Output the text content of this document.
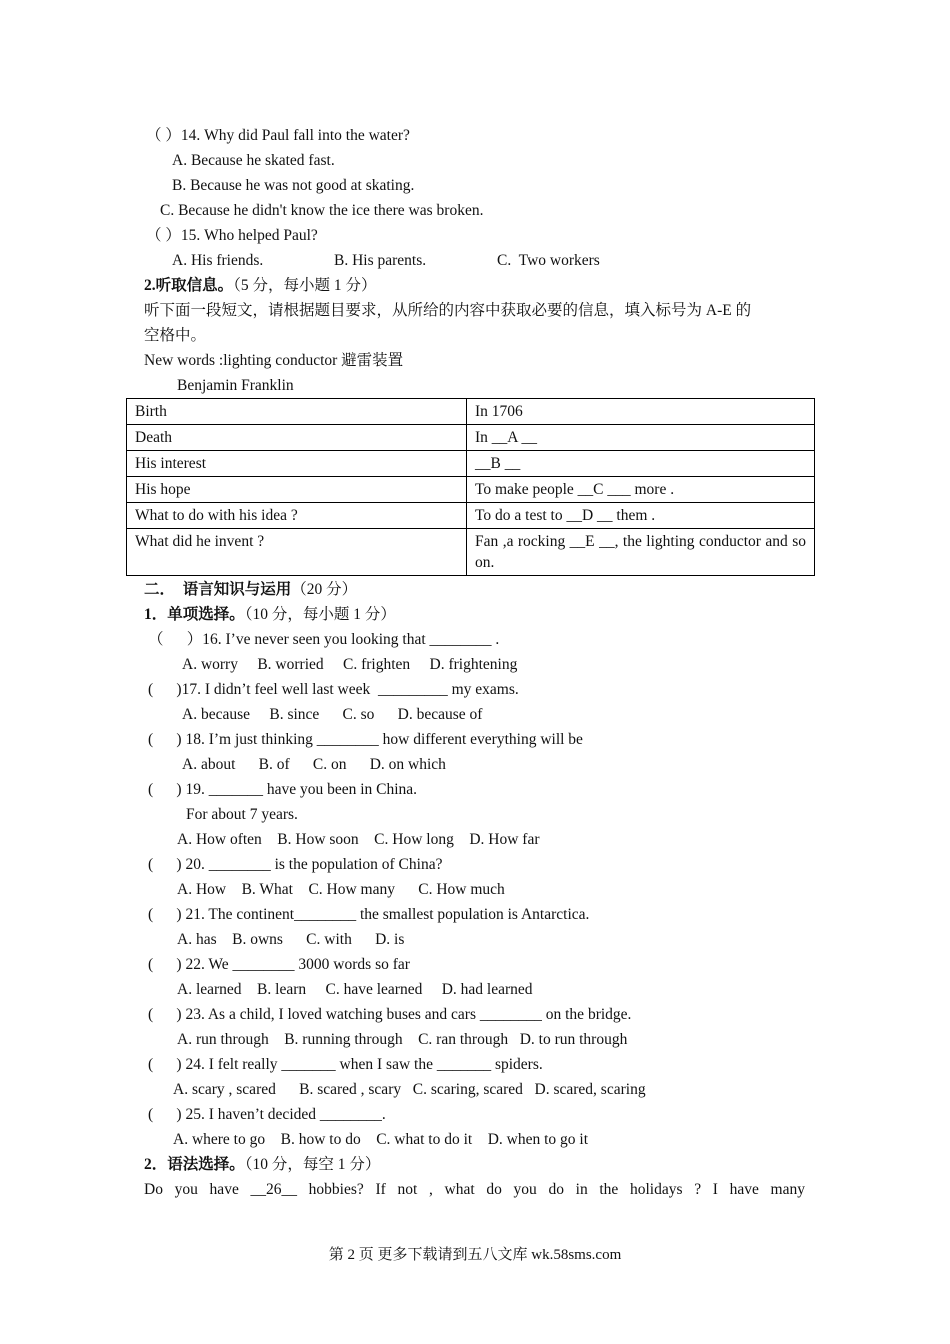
（ ）14. Why did Paul fall into the water?
A. Because he skated fast.
B. Because he was not good at skating.
C. Because he didn't know the ice there was broken.
（ ）15. Who helped Paul?
A. His friends.	B. His parents.	C.  Two workers
2.听取信息。（5 分，每小题 1 分）
听下面一段短文，请根据题目要求，从所给的内容中获取必要的信息，填入标号为 A-E 的
空格中。
New words :lighting conductor 避雷装置
Benjamin Franklin
Birth	In 1706
Death	In __A __
His interest	__B __
His hope	To make people __C ___ more .
What to do with his idea ?	To do a test to __D __ them .
What did he invent ?	Fan ,a rocking __E __, the lighting conductor and so on.
二．  语言知识与运用（20 分）
1．单项选择。（10 分，每小题 1 分）
（      ）16. I’ve never seen you looking that ________ .
A. worry     B. worried     C. frighten     D. frightening
(      )17. I didn’t feel well last week  _________ my exams.
A. because     B. since      C. so      D. because of
(      ) 18. I’m just thinking ________ how different everything will be
A. about      B. of      C. on      D. on which
(      ) 19. _______ have you been in China.
For about 7 years.
A. How often    B. How soon    C. How long    D. How far
(      ) 20. ________ is the population of China?
A. How    B. What    C. How many      C. How much
(      ) 21. The continent________ the smallest population is Antarctica.
A. has    B. owns      C. with      D. is
(      ) 22. We ________ 3000 words so far
A. learned    B. learn     C. have learned     D. had learned
(      ) 23. As a child, I loved watching buses and cars ________ on the bridge.
A. run through    B. running through    C. ran through   D. to run through
(      ) 24. I felt really _______ when I saw the _______ spiders.
A. scary , scared      B. scared , scary   C. scaring, scared   D. scared, scaring
(      ) 25. I haven’t decided ________.
A. where to go    B. how to do    C. what to do it    D. when to go it
2．语法选择。（10 分，每空 1 分）
Do you have __26__ hobbies? If not , what do you do in the holidays ? I have many
第 2 页 更多下载请到五八文库 wk.58sms.com
